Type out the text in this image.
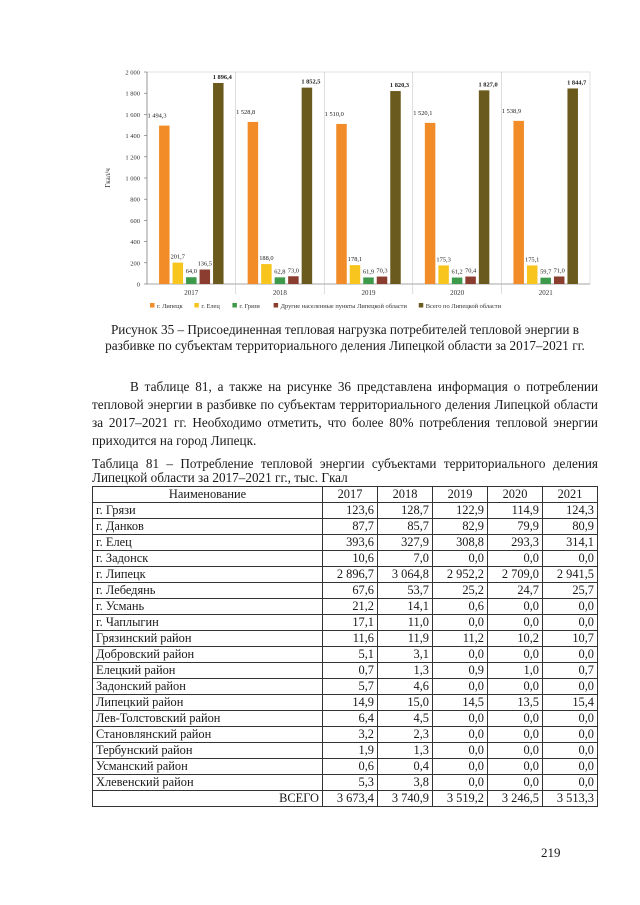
0
200
400
600
800
1 000
1 200
1 400
1 600
1 800
2 000
Гкал/ч
2017
1 494,3
201,7
64,0
136,5
1 896,4
2018
1 528,8
188,0
62,8 73,0
1 852,5
2019
1 510,0
178,1
61,9 70,3
1 820,3
2020
1 520,1
175,3
61,2 70,4
1 827,0
2021
1 538,9
175,1
59,7 71,0
1 844,7
г. Липецк	г. Елец	г. Грязи	Другие населенные пункты Липецкой области	Всего по Липецкой области
Рисунок 35 – Присоединенная тепловая нагрузка потребителей тепловой энергии в разбивке по субъектам территориального деления Липецкой области за 2017–2021 гг.
В таблице 81, а также на рисунке 36 представлена информация о потреблении тепловой энергии в разбивке по субъектам территориального деления Липецкой области за 2017–2021 гг. Необходимо отметить, что более 80% потребления тепловой энергии приходится на город Липецк.
Таблица 81 – Потребление тепловой энергии субъектами территориального деления Липецкой области за 2017–2021 гг., тыс. Гкал
Наименование	2017	2018	2019	2020	2021
г. Грязи	123,6	128,7	122,9	114,9	124,3
г. Данков	87,7	85,7	82,9	79,9	80,9
г. Елец	393,6	327,9	308,8	293,3	314,1
г. Задонск	10,6	7,0	0,0	0,0	0,0
г. Липецк	2 896,7	3 064,8	2 952,2	2 709,0	2 941,5
г. Лебедянь	67,6	53,7	25,2	24,7	25,7
г. Усмань	21,2	14,1	0,6	0,0	0,0
г. Чаплыгин	17,1	11,0	0,0	0,0	0,0
Грязинский район	11,6	11,9	11,2	10,2	10,7
Добровский район	5,1	3,1	0,0	0,0	0,0
Елецкий район	0,7	1,3	0,9	1,0	0,7
Задонский район	5,7	4,6	0,0	0,0	0,0
Липецкий район	14,9	15,0	14,5	13,5	15,4
Лев-Толстовский район	6,4	4,5	0,0	0,0	0,0
Становлянский район	3,2	2,3	0,0	0,0	0,0
Тербунский район	1,9	1,3	0,0	0,0	0,0
Усманский район	0,6	0,4	0,0	0,0	0,0
Хлевенский район	5,3	3,8	0,0	0,0	0,0
ВСЕГО	3 673,4	3 740,9	3 519,2	3 246,5	3 513,3
219
